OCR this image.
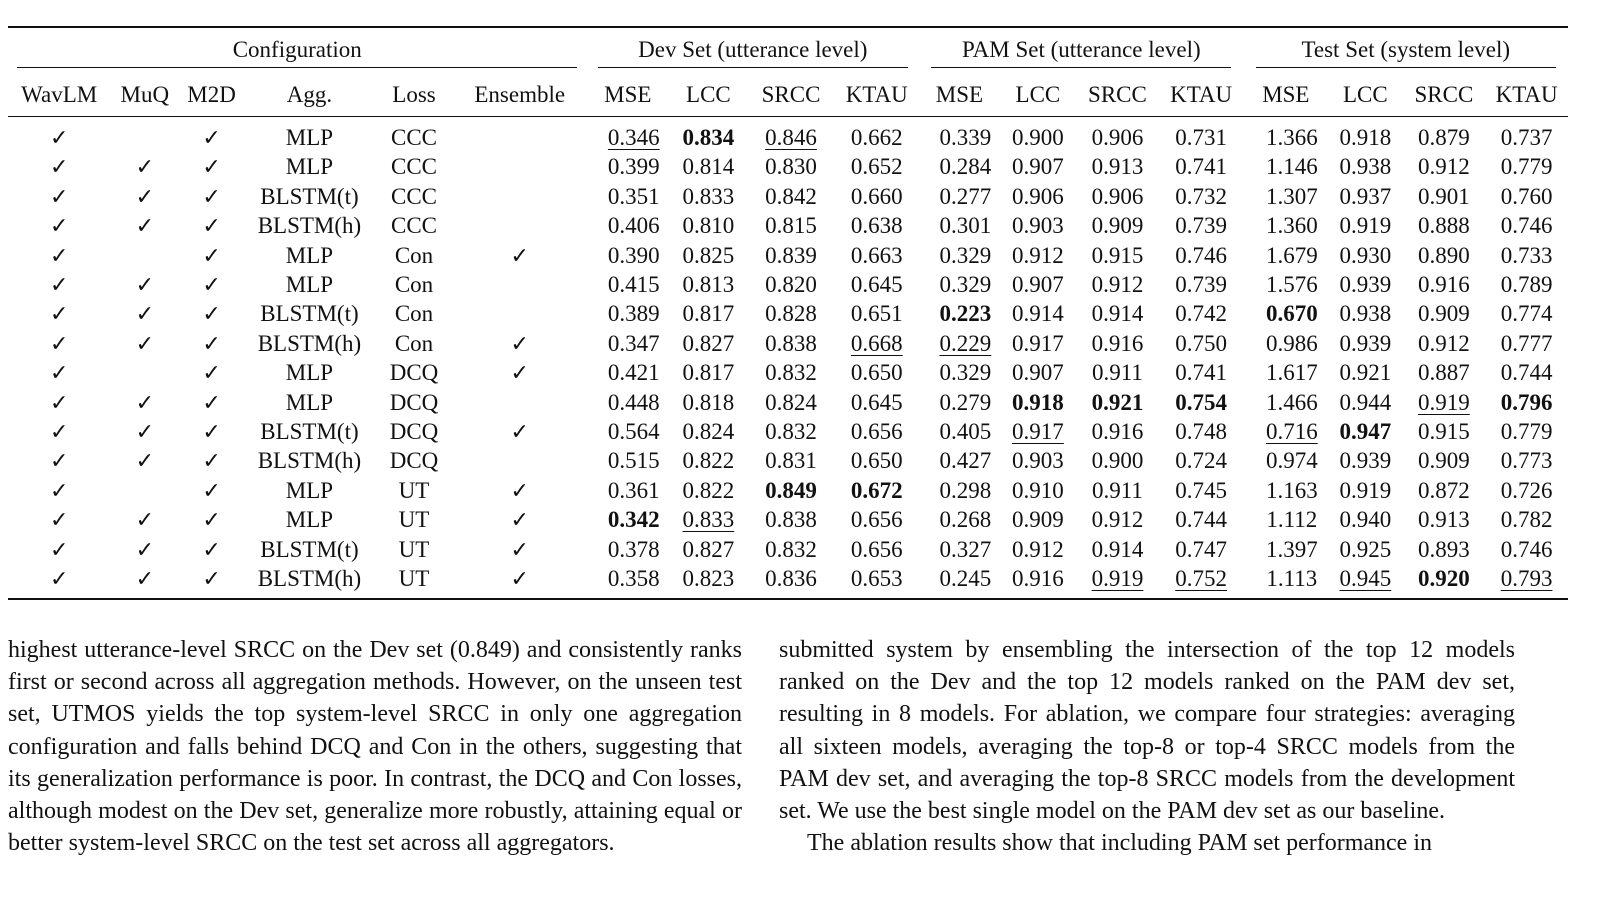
Configuration						Dev Set (utterance level)				PAM Set (utterance level)				Test Set (system level)			
WavLM	MuQ	M2D	Agg.	Loss	Ensemble	MSE	LCC	SRCC	KTAU	MSE	LCC	SRCC	KTAU	MSE	LCC	SRCC	KTAU
✓		✓	MLP	CCC		0.346	0.834	0.846	0.662	0.339	0.900	0.906	0.731	1.366	0.918	0.879	0.737
✓	✓	✓	MLP	CCC		0.399	0.814	0.830	0.652	0.284	0.907	0.913	0.741	1.146	0.938	0.912	0.779
✓	✓	✓	BLSTM(t)	CCC		0.351	0.833	0.842	0.660	0.277	0.906	0.906	0.732	1.307	0.937	0.901	0.760
✓	✓	✓	BLSTM(h)	CCC		0.406	0.810	0.815	0.638	0.301	0.903	0.909	0.739	1.360	0.919	0.888	0.746
✓		✓	MLP	Con	✓	0.390	0.825	0.839	0.663	0.329	0.912	0.915	0.746	1.679	0.930	0.890	0.733
✓	✓	✓	MLP	Con		0.415	0.813	0.820	0.645	0.329	0.907	0.912	0.739	1.576	0.939	0.916	0.789
✓	✓	✓	BLSTM(t)	Con		0.389	0.817	0.828	0.651	0.223	0.914	0.914	0.742	0.670	0.938	0.909	0.774
✓	✓	✓	BLSTM(h)	Con	✓	0.347	0.827	0.838	0.668	0.229	0.917	0.916	0.750	0.986	0.939	0.912	0.777
✓		✓	MLP	DCQ	✓	0.421	0.817	0.832	0.650	0.329	0.907	0.911	0.741	1.617	0.921	0.887	0.744
✓	✓	✓	MLP	DCQ		0.448	0.818	0.824	0.645	0.279	0.918	0.921	0.754	1.466	0.944	0.919	0.796
✓	✓	✓	BLSTM(t)	DCQ	✓	0.564	0.824	0.832	0.656	0.405	0.917	0.916	0.748	0.716	0.947	0.915	0.779
✓	✓	✓	BLSTM(h)	DCQ		0.515	0.822	0.831	0.650	0.427	0.903	0.900	0.724	0.974	0.939	0.909	0.773
✓		✓	MLP	UT	✓	0.361	0.822	0.849	0.672	0.298	0.910	0.911	0.745	1.163	0.919	0.872	0.726
✓	✓	✓	MLP	UT	✓	0.342	0.833	0.838	0.656	0.268	0.909	0.912	0.744	1.112	0.940	0.913	0.782
✓	✓	✓	BLSTM(t)	UT	✓	0.378	0.827	0.832	0.656	0.327	0.912	0.914	0.747	1.397	0.925	0.893	0.746
✓	✓	✓	BLSTM(h)	UT	✓	0.358	0.823	0.836	0.653	0.245	0.916	0.919	0.752	1.113	0.945	0.920	0.793

highest utterance-level SRCC on the Dev set (0.849) and consistently ranks first or second across all aggregation methods. However, on the unseen test set, UTMOS yields the top system-level SRCC in only one aggregation configuration and falls behind DCQ and Con in the others, suggesting that its generalization performance is poor. In contrast, the DCQ and Con losses, although modest on the Dev set, generalize more robustly, attaining equal or better system-level SRCC on the test set across all aggregators.

submitted system by ensembling the intersection of the top 12 models ranked on the Dev and the top 12 models ranked on the PAM dev set, resulting in 8 models. For ablation, we compare four strategies: averaging all sixteen models, averaging the top-8 or top-4 SRCC models from the PAM dev set, and averaging the top-8 SRCC models from the development set. We use the best single model on the PAM dev set as our baseline.

The ablation results show that including PAM set performance in
